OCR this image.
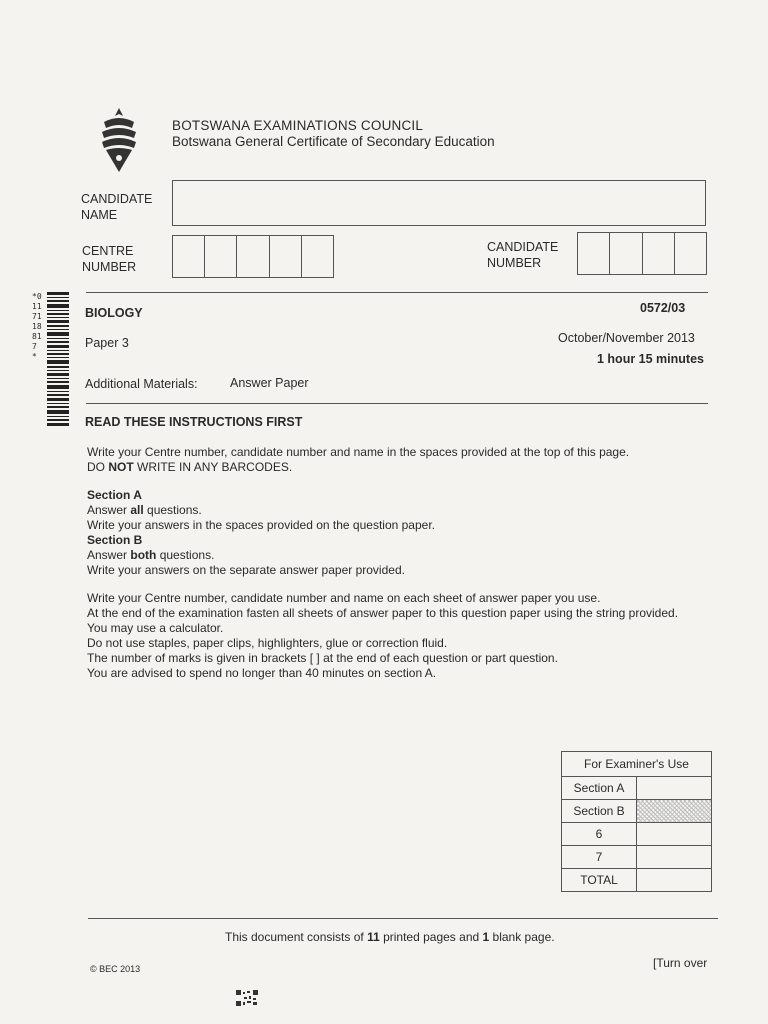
BOTSWANA EXAMINATIONS COUNCIL
Botswana General Certificate of Secondary Education
CANDIDATE
NAME
CENTRE
NUMBER
CANDIDATE
NUMBER
*0117118817 *
BIOLOGY	0572/03
Paper 3	October/November 2013
1 hour 15 minutes
Additional Materials:	Answer Paper
READ THESE INSTRUCTIONS FIRST

Write your Centre number, candidate number and name in the spaces provided at the top of this page.

DO NOT WRITE IN ANY BARCODES.

Section A

Answer all questions.

Write your answers in the spaces provided on the question paper.

Section B

Answer both questions.

Write your answers on the separate answer paper provided.

Write your Centre number, candidate number and name on each sheet of answer paper you use.

At the end of the examination fasten all sheets of answer paper to this question paper using the string provided.

You may use a calculator.

Do not use staples, paper clips, highlighters, glue or correction fluid.

The number of marks is given in brackets [ ] at the end of each question or part question.

You are advised to spend no longer than 40 minutes on section A.

For Examiner's Use	
Section A	
Section B	
6	
7	
TOTAL	
This document consists of 11 printed pages and 1 blank page.
© BEC 2013	[Turn over
